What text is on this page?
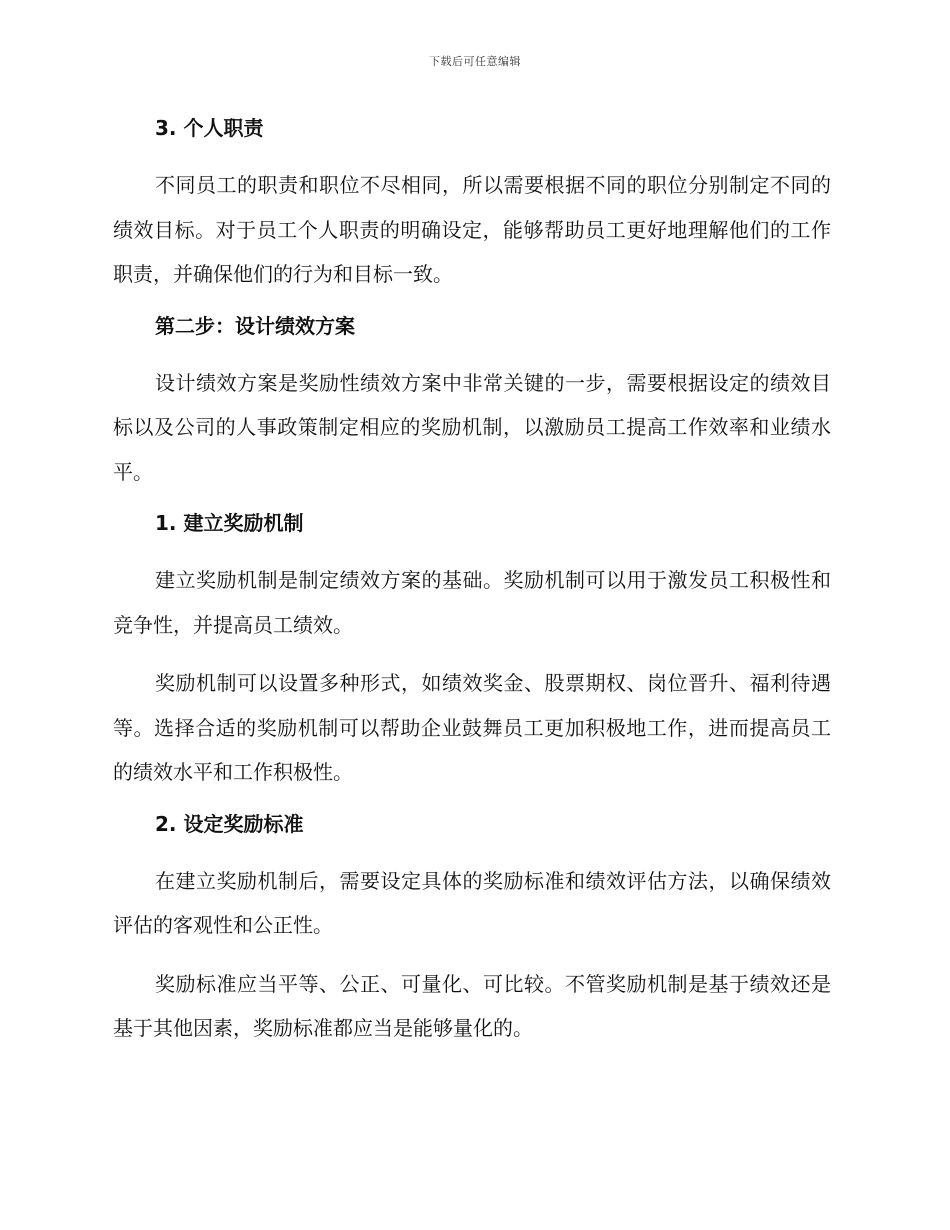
下载后可任意编辑
3. 个人职责

不同员工的职责和职位不尽相同，所以需要根据不同的职位分别制定不同的绩效目标。对于员工个人职责的明确设定，能够帮助员工更好地理解他们的工作职责，并确保他们的行为和目标一致。

第二步：设计绩效方案

设计绩效方案是奖励性绩效方案中非常关键的一步，需要根据设定的绩效目标以及公司的人事政策制定相应的奖励机制，以激励员工提高工作效率和业绩水平。

1. 建立奖励机制

建立奖励机制是制定绩效方案的基础。奖励机制可以用于激发员工积极性和竞争性，并提高员工绩效。

奖励机制可以设置多种形式，如绩效奖金、股票期权、岗位晋升、福利待遇等。选择合适的奖励机制可以帮助企业鼓舞员工更加积极地工作，进而提高员工的绩效水平和工作积极性。

2. 设定奖励标准

在建立奖励机制后，需要设定具体的奖励标准和绩效评估方法，以确保绩效评估的客观性和公正性。

奖励标准应当平等、公正、可量化、可比较。不管奖励机制是基于绩效还是基于其他因素，奖励标准都应当是能够量化的。
